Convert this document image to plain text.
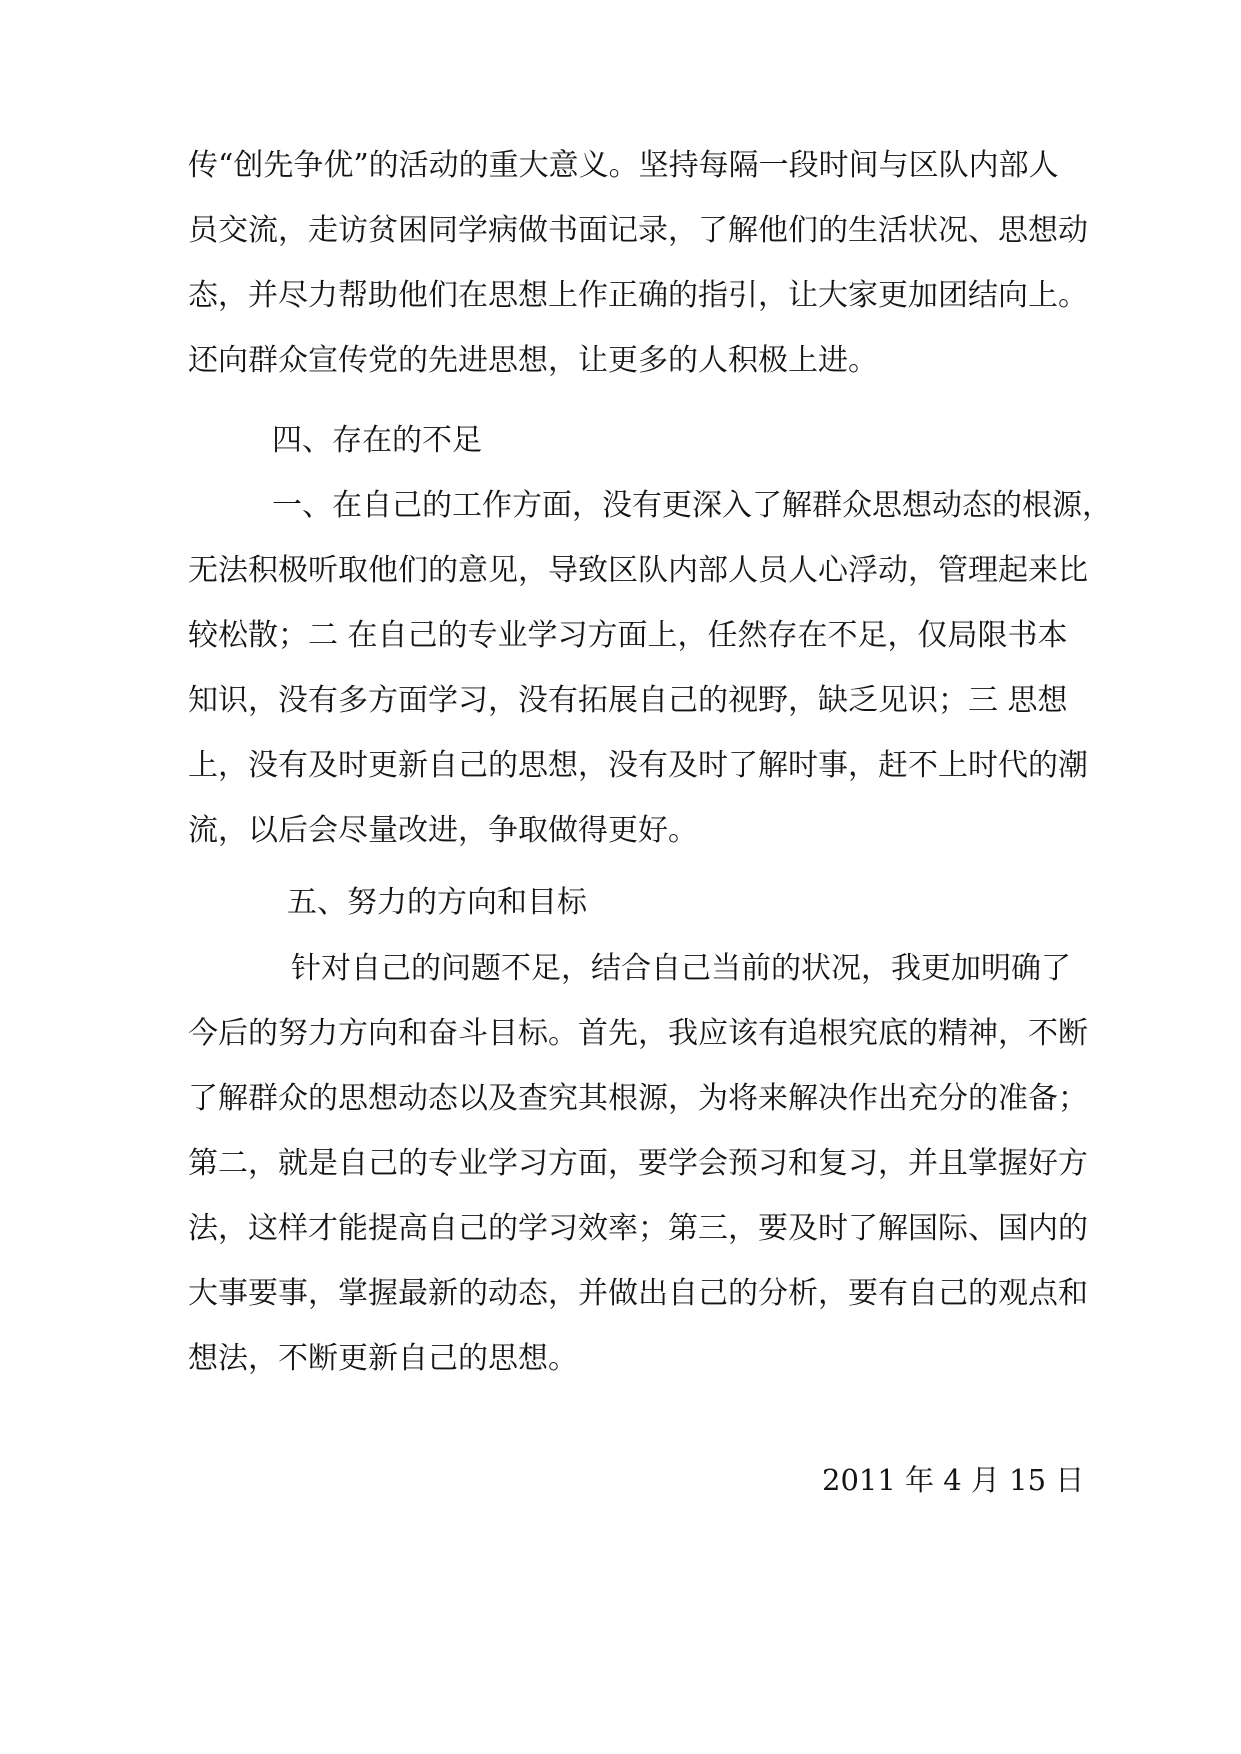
传“创先争优”的活动的重大意义。坚持每隔一段时间与区队内部人
员交流，走访贫困同学病做书面记录，了解他们的生活状况、思想动
态，并尽力帮助他们在思想上作正确的指引，让大家更加团结向上。
还向群众宣传党的先进思想，让更多的人积极上进。
四、存在的不足
一、在自己的工作方面，没有更深入了解群众思想动态的根源，
无法积极听取他们的意见，导致区队内部人员人心浮动，管理起来比
较松散；二 在自己的专业学习方面上，任然存在不足，仅局限书本
知识，没有多方面学习，没有拓展自己的视野，缺乏见识；三 思想
上，没有及时更新自己的思想，没有及时了解时事，赶不上时代的潮
流，以后会尽量改进，争取做得更好。
五、努力的方向和目标
针对自己的问题不足，结合自己当前的状况，我更加明确了
今后的努力方向和奋斗目标。首先，我应该有追根究底的精神，不断
了解群众的思想动态以及查究其根源，为将来解决作出充分的准备；
第二，就是自己的专业学习方面，要学会预习和复习，并且掌握好方
法，这样才能提高自己的学习效率；第三，要及时了解国际、国内的
大事要事，掌握最新的动态，并做出自己的分析，要有自己的观点和
想法，不断更新自己的思想。
2011 年 4 月 15 日
